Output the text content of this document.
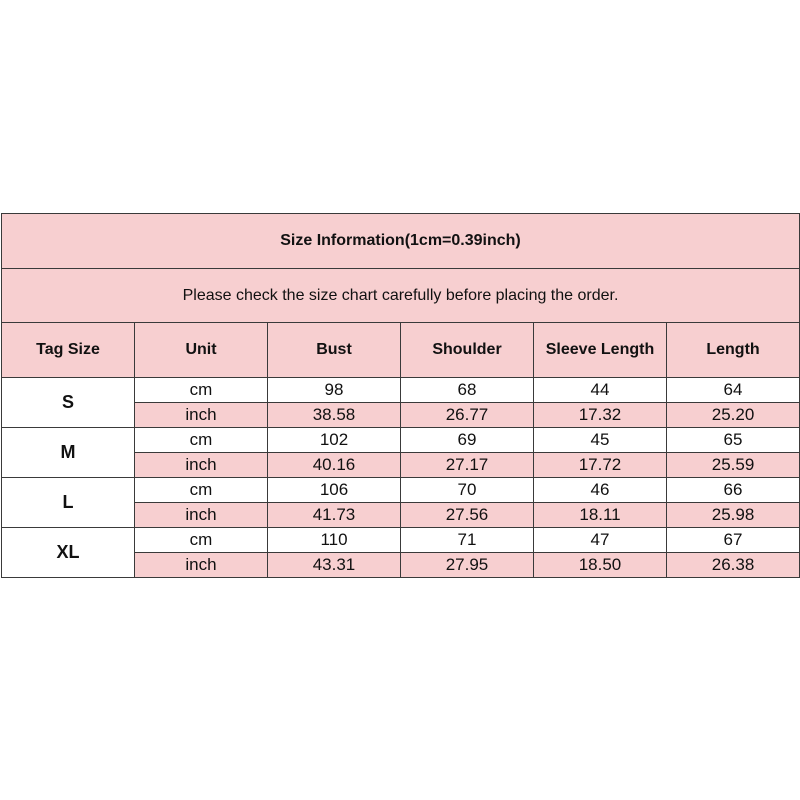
Size Information(1cm=0.39inch)					
Please check the size chart carefully before placing the order.					
Tag Size	Unit	Bust	Shoulder	Sleeve Length	Length
S	cm	98	68	44	64
	inch	38.58	26.77	17.32	25.20
M	cm	102	69	45	65
	inch	40.16	27.17	17.72	25.59
L	cm	106	70	46	66
	inch	41.73	27.56	18.11	25.98
XL	cm	110	71	47	67
	inch	43.31	27.95	18.50	26.38
